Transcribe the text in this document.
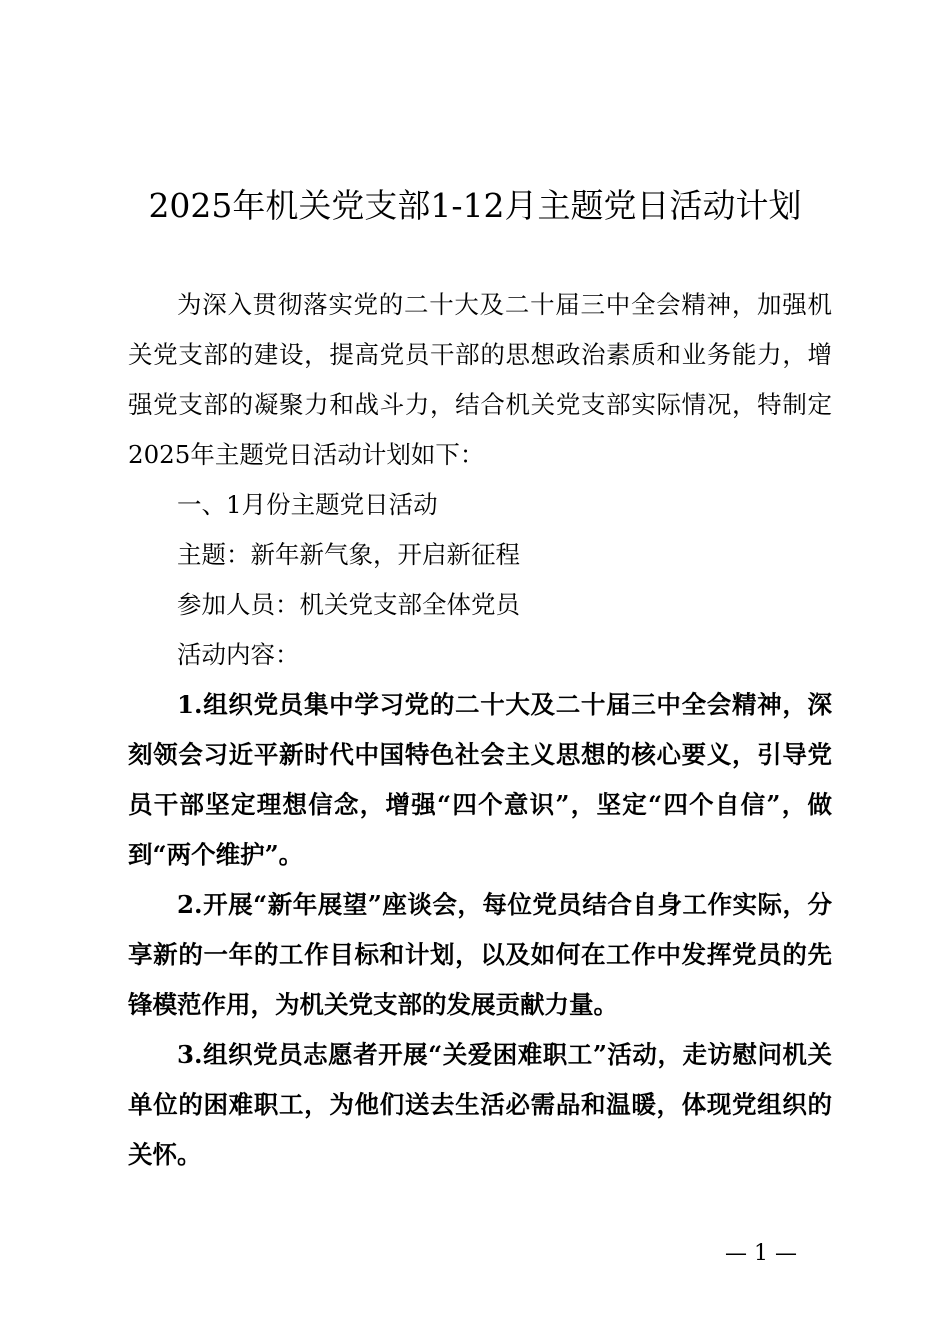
2025年机关党支部1-12月主题党日活动计划

为深入贯彻落实党的二十大及二十届三中全会精神，加强机关党支部的建设，提高党员干部的思想政治素质和业务能力，增强党支部的凝聚力和战斗力，结合机关党支部实际情况，特制定2025年主题党日活动计划如下：

一、1月份主题党日活动

主题：新年新气象，开启新征程

参加人员：机关党支部全体党员

活动内容：

1.组织党员集中学习党的二十大及二十届三中全会精神，深刻领会习近平新时代中国特色社会主义思想的核心要义，引导党员干部坚定理想信念，增强“四个意识”，坚定“四个自信”，做到“两个维护”。

2.开展“新年展望”座谈会，每位党员结合自身工作实际，分享新的一年的工作目标和计划，以及如何在工作中发挥党员的先锋模范作用，为机关党支部的发展贡献力量。

3.组织党员志愿者开展“关爱困难职工”活动，走访慰问机关单位的困难职工，为他们送去生活必需品和温暖，体现党组织的关怀。

— 1 —
